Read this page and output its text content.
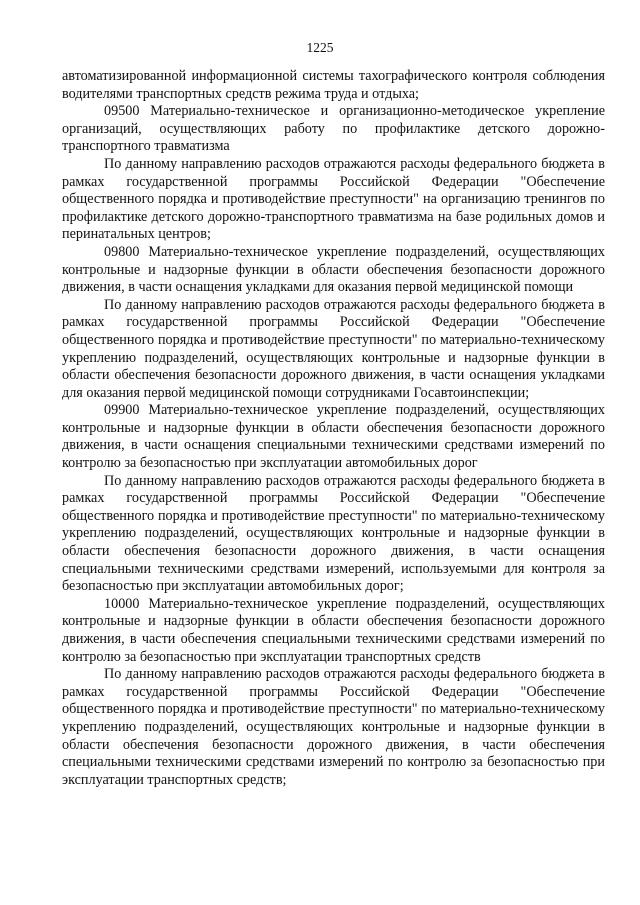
1225

автоматизированной информационной системы тахографического контроля соблюдения водителями транспортных средств режима труда и отдыха;

09500 Материально-техническое и организационно-методическое укрепление организаций, осуществляющих работу по профилактике детского дорожно-транспортного травматизма

По данному направлению расходов отражаются расходы федерального бюджета в рамках государственной программы Российской Федерации "Обеспечение общественного порядка и противодействие преступности" на организацию тренингов по профилактике детского дорожно-транспортного травматизма на базе родильных домов и перинатальных центров;

09800 Материально-техническое укрепление подразделений, осуществляющих контрольные и надзорные функции в области обеспечения безопасности дорожного движения, в части оснащения укладками для оказания первой медицинской помощи

По данному направлению расходов отражаются расходы федерального бюджета в рамках государственной программы Российской Федерации "Обеспечение общественного порядка и противодействие преступности" по материально-техническому укреплению подразделений, осуществляющих контрольные и надзорные функции в области обеспечения безопасности дорожного движения, в части оснащения укладками для оказания первой медицинской помощи сотрудниками Госавтоинспекции;

09900 Материально-техническое укрепление подразделений, осуществляющих контрольные и надзорные функции в области обеспечения безопасности дорожного движения, в части оснащения специальными техническими средствами измерений по контролю за безопасностью при эксплуатации автомобильных дорог

По данному направлению расходов отражаются расходы федерального бюджета в рамках государственной программы Российской Федерации "Обеспечение общественного порядка и противодействие преступности" по материально-техническому укреплению подразделений, осуществляющих контрольные и надзорные функции в области обеспечения безопасности дорожного движения, в части оснащения специальными техническими средствами измерений, используемыми для контроля за безопасностью при эксплуатации автомобильных дорог;

10000 Материально-техническое укрепление подразделений, осуществляющих контрольные и надзорные функции в области обеспечения безопасности дорожного движения, в части обеспечения специальными техническими средствами измерений по контролю за безопасностью при эксплуатации транспортных средств

По данному направлению расходов отражаются расходы федерального бюджета в рамках государственной программы Российской Федерации "Обеспечение общественного порядка и противодействие преступности" по материально-техническому укреплению подразделений, осуществляющих контрольные и надзорные функции в области обеспечения безопасности дорожного движения, в части обеспечения специальными техническими средствами измерений по контролю за безопасностью при эксплуатации транспортных средств;
